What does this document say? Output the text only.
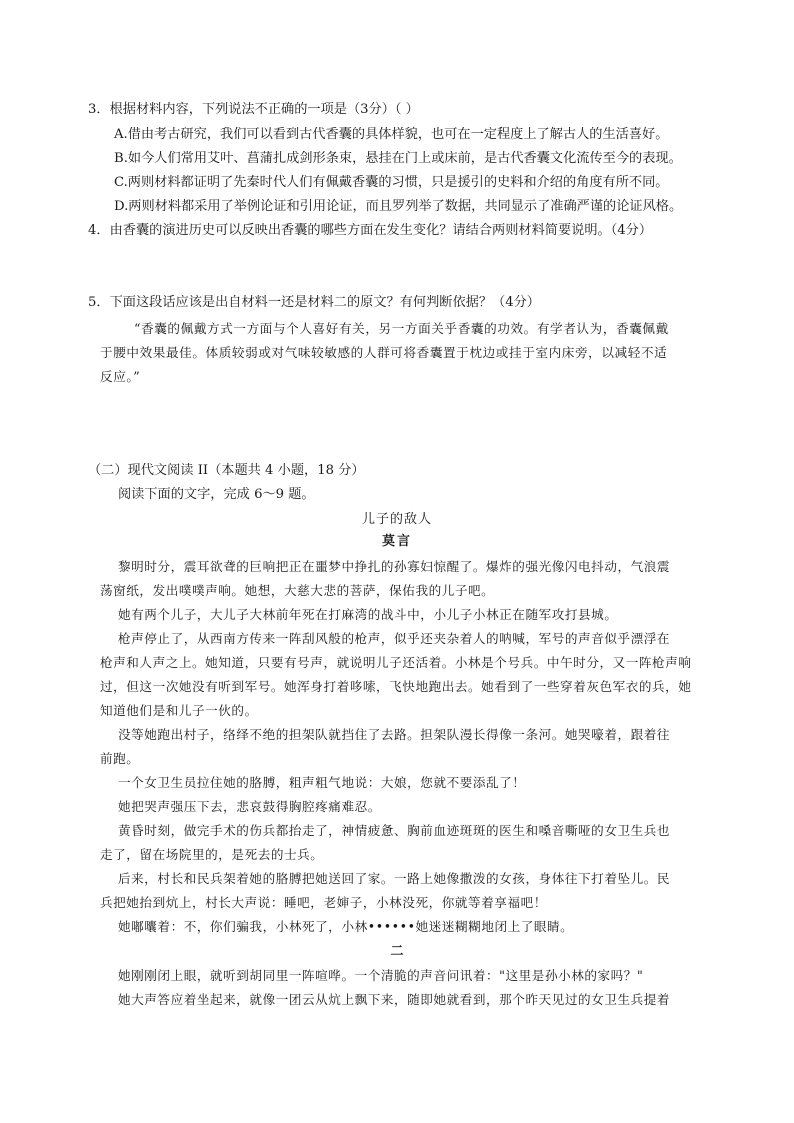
3．根据材料内容，下列说法不正确的一项是（3分）（ ）
A.借由考古研究，我们可以看到古代香囊的具体样貌，也可在一定程度上了解古人的生活喜好。
B.如今人们常用艾叶、菖蒲扎成剑形条束，悬挂在门上或床前，是古代香囊文化流传至今的表现。
C.两则材料都证明了先秦时代人们有佩戴香囊的习惯，只是援引的史料和介绍的角度有所不同。
D.两则材料都采用了举例论证和引用论证，而且罗列举了数据，共同显示了准确严谨的论证风格。
4．由香囊的演进历史可以反映出香囊的哪些方面在发生变化？请结合两则材料简要说明。（4分）
5．下面这段话应该是出自材料一还是材料二的原文？有何判断依据？（4分）
“香囊的佩戴方式一方面与个人喜好有关，另一方面关乎香囊的功效。有学者认为，香囊佩戴
于腰中效果最佳。体质较弱或对气味较敏感的人群可将香囊置于枕边或挂于室内床旁，以减轻不适
反应。”
（二）现代文阅读 II（本题共 4 小题，18 分）
阅读下面的文字，完成 6～9 题。
儿子的敌人
莫言
黎明时分，震耳欲聋的巨响把正在噩梦中挣扎的孙寡妇惊醒了。爆炸的强光像闪电抖动，气浪震
荡窗纸，发出噗噗声响。她想，大慈大悲的菩萨，保佑我的儿子吧。
她有两个儿子，大儿子大林前年死在打麻湾的战斗中，小儿子小林正在随军攻打县城。
枪声停止了，从西南方传来一阵刮风般的枪声，似乎还夹杂着人的呐喊，军号的声音似乎漂浮在
枪声和人声之上。她知道，只要有号声，就说明儿子还活着。小林是个号兵。中午时分，又一阵枪声响
过，但这一次她没有听到军号。她浑身打着哆嗦，飞快地跑出去。她看到了一些穿着灰色军衣的兵，她
知道他们是和儿子一伙的。
没等她跑出村子，络绎不绝的担架队就挡住了去路。担架队漫长得像一条河。她哭嚎着，跟着往
前跑。
一个女卫生员拉住她的胳膊，粗声粗气地说：大娘，您就不要添乱了！
她把哭声强压下去，悲哀鼓得胸腔疼痛难忍。
黄昏时刻，做完手术的伤兵都抬走了，神情疲惫、胸前血迹斑斑的医生和嗓音嘶哑的女卫生兵也
走了，留在场院里的，是死去的士兵。
后来，村长和民兵架着她的胳膊把她送回了家。一路上她像撒泼的女孩，身体往下打着坠儿。民
兵把她抬到炕上，村长大声说：睡吧，老婶子，小林没死，你就等着享福吧！
她嘟囔着：不，你们骗我，小林死了，小林••••••她迷迷糊糊地闭上了眼睛。
二
她刚刚闭上眼，就听到胡同里一阵喧哗。一个清脆的声音问讯着："这里是孙小林的家吗？"
她大声答应着坐起来，就像一团云从炕上飘下来，随即她就看到，那个昨天见过的女卫生兵提着
